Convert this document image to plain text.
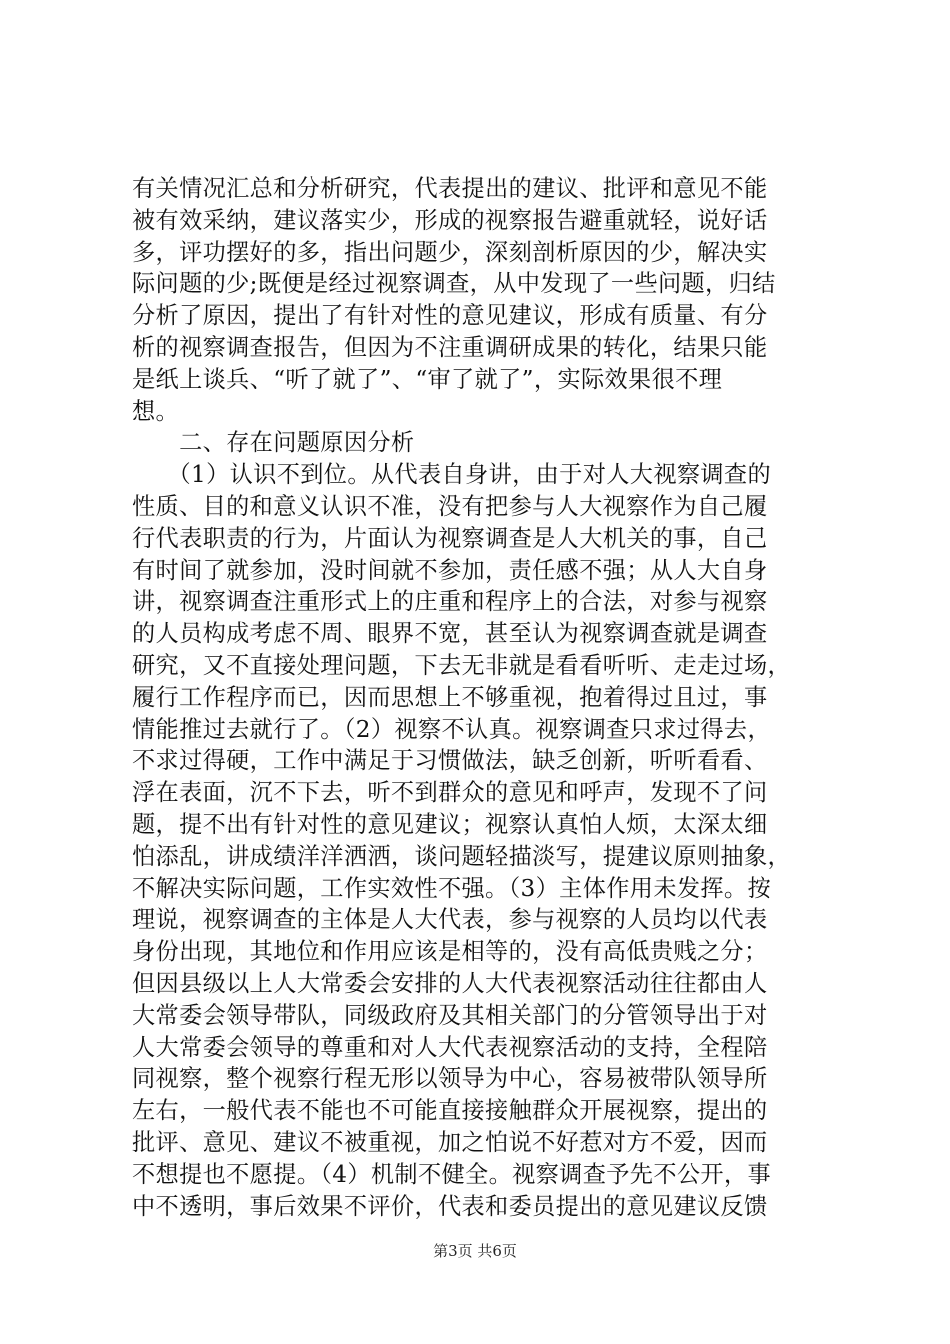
有关情况汇总和分析研究，代表提出的建议、批评和意见不能
被有效采纳，建议落实少，形成的视察报告避重就轻，说好话
多，评功摆好的多，指出问题少，深刻剖析原因的少，解决实
际问题的少;既便是经过视察调查，从中发现了一些问题，归结
分析了原因，提出了有针对性的意见建议，形成有质量、有分
析的视察调查报告，但因为不注重调研成果的转化，结果只能
是纸上谈兵、“听了就了”、“审了就了”，实际效果很不理
想。
　　二、存在问题原因分析
　　（1）认识不到位。从代表自身讲，由于对人大视察调查的
性质、目的和意义认识不准，没有把参与人大视察作为自己履
行代表职责的行为，片面认为视察调查是人大机关的事，自己
有时间了就参加，没时间就不参加，责任感不强；从人大自身
讲，视察调查注重形式上的庄重和程序上的合法，对参与视察
的人员构成考虑不周、眼界不宽，甚至认为视察调查就是调查
研究，又不直接处理问题，下去无非就是看看听听、走走过场，
履行工作程序而已，因而思想上不够重视，抱着得过且过，事
情能推过去就行了。（2）视察不认真。视察调查只求过得去，
不求过得硬，工作中满足于习惯做法，缺乏创新，听听看看、
浮在表面，沉不下去，听不到群众的意见和呼声，发现不了问
题，提不出有针对性的意见建议；视察认真怕人烦，太深太细
怕添乱，讲成绩洋洋洒洒，谈问题轻描淡写，提建议原则抽象，
不解决实际问题，工作实效性不强。（3）主体作用未发挥。按
理说，视察调查的主体是人大代表，参与视察的人员均以代表
身份出现，其地位和作用应该是相等的，没有高低贵贱之分；
但因县级以上人大常委会安排的人大代表视察活动往往都由人
大常委会领导带队，同级政府及其相关部门的分管领导出于对
人大常委会领导的尊重和对人大代表视察活动的支持，全程陪
同视察，整个视察行程无形以领导为中心，容易被带队领导所
左右，一般代表不能也不可能直接接触群众开展视察，提出的
批评、意见、建议不被重视，加之怕说不好惹对方不爱，因而
不想提也不愿提。（4）机制不健全。视察调查予先不公开，事
中不透明，事后效果不评价，代表和委员提出的意见建议反馈
第3页 共6页
